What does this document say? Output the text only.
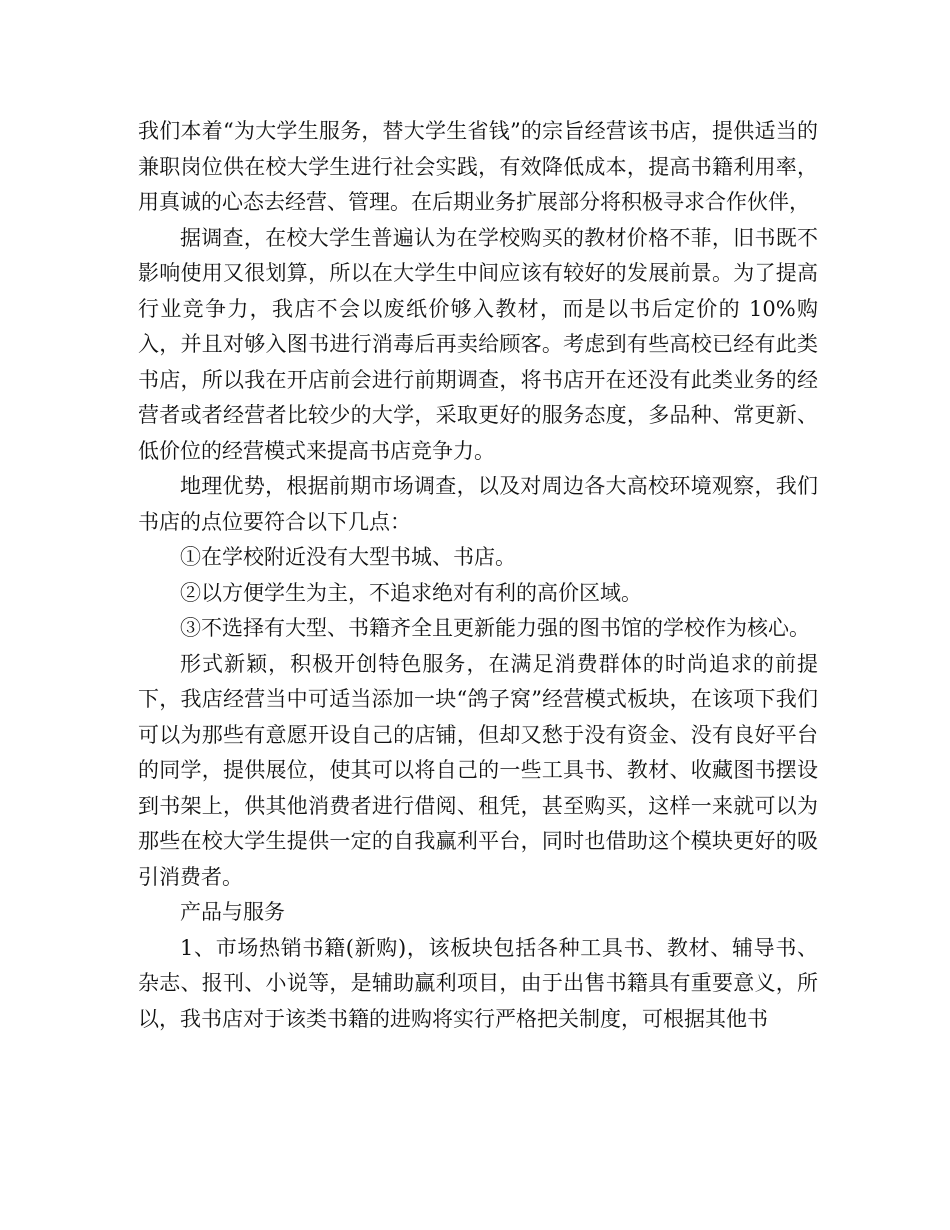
我们本着“为大学生服务，替大学生省钱”的宗旨经营该书店，提供适当的兼职岗位供在校大学生进行社会实践，有效降低成本，提高书籍利用率，用真诚的心态去经营、管理。在后期业务扩展部分将积极寻求合作伙伴，

据调查，在校大学生普遍认为在学校购买的教材价格不菲，旧书既不影响使用又很划算，所以在大学生中间应该有较好的发展前景。为了提高行业竞争力，我店不会以废纸价够入教材，而是以书后定价的 10%购入，并且对够入图书进行消毒后再卖给顾客。考虑到有些高校已经有此类书店，所以我在开店前会进行前期调查，将书店开在还没有此类业务的经营者或者经营者比较少的大学，采取更好的服务态度，多品种、常更新、低价位的经营模式来提高书店竞争力。

地理优势，根据前期市场调查，以及对周边各大高校环境观察，我们书店的点位要符合以下几点：

①在学校附近没有大型书城、书店。

②以方便学生为主，不追求绝对有利的高价区域。

③不选择有大型、书籍齐全且更新能力强的图书馆的学校作为核心。

形式新颖，积极开创特色服务，在满足消费群体的时尚追求的前提下，我店经营当中可适当添加一块“鸽子窝”经营模式板块，在该项下我们可以为那些有意愿开设自己的店铺，但却又愁于没有资金、没有良好平台的同学，提供展位，使其可以将自己的一些工具书、教材、收藏图书摆设到书架上，供其他消费者进行借阅、租凭，甚至购买，这样一来就可以为那些在校大学生提供一定的自我赢利平台，同时也借助这个模块更好的吸引消费者。

产品与服务

1、市场热销书籍(新购)，该板块包括各种工具书、教材、辅导书、杂志、报刊、小说等，是辅助赢利项目，由于出售书籍具有重要意义，所以，我书店对于该类书籍的进购将实行严格把关制度，可根据其他书
